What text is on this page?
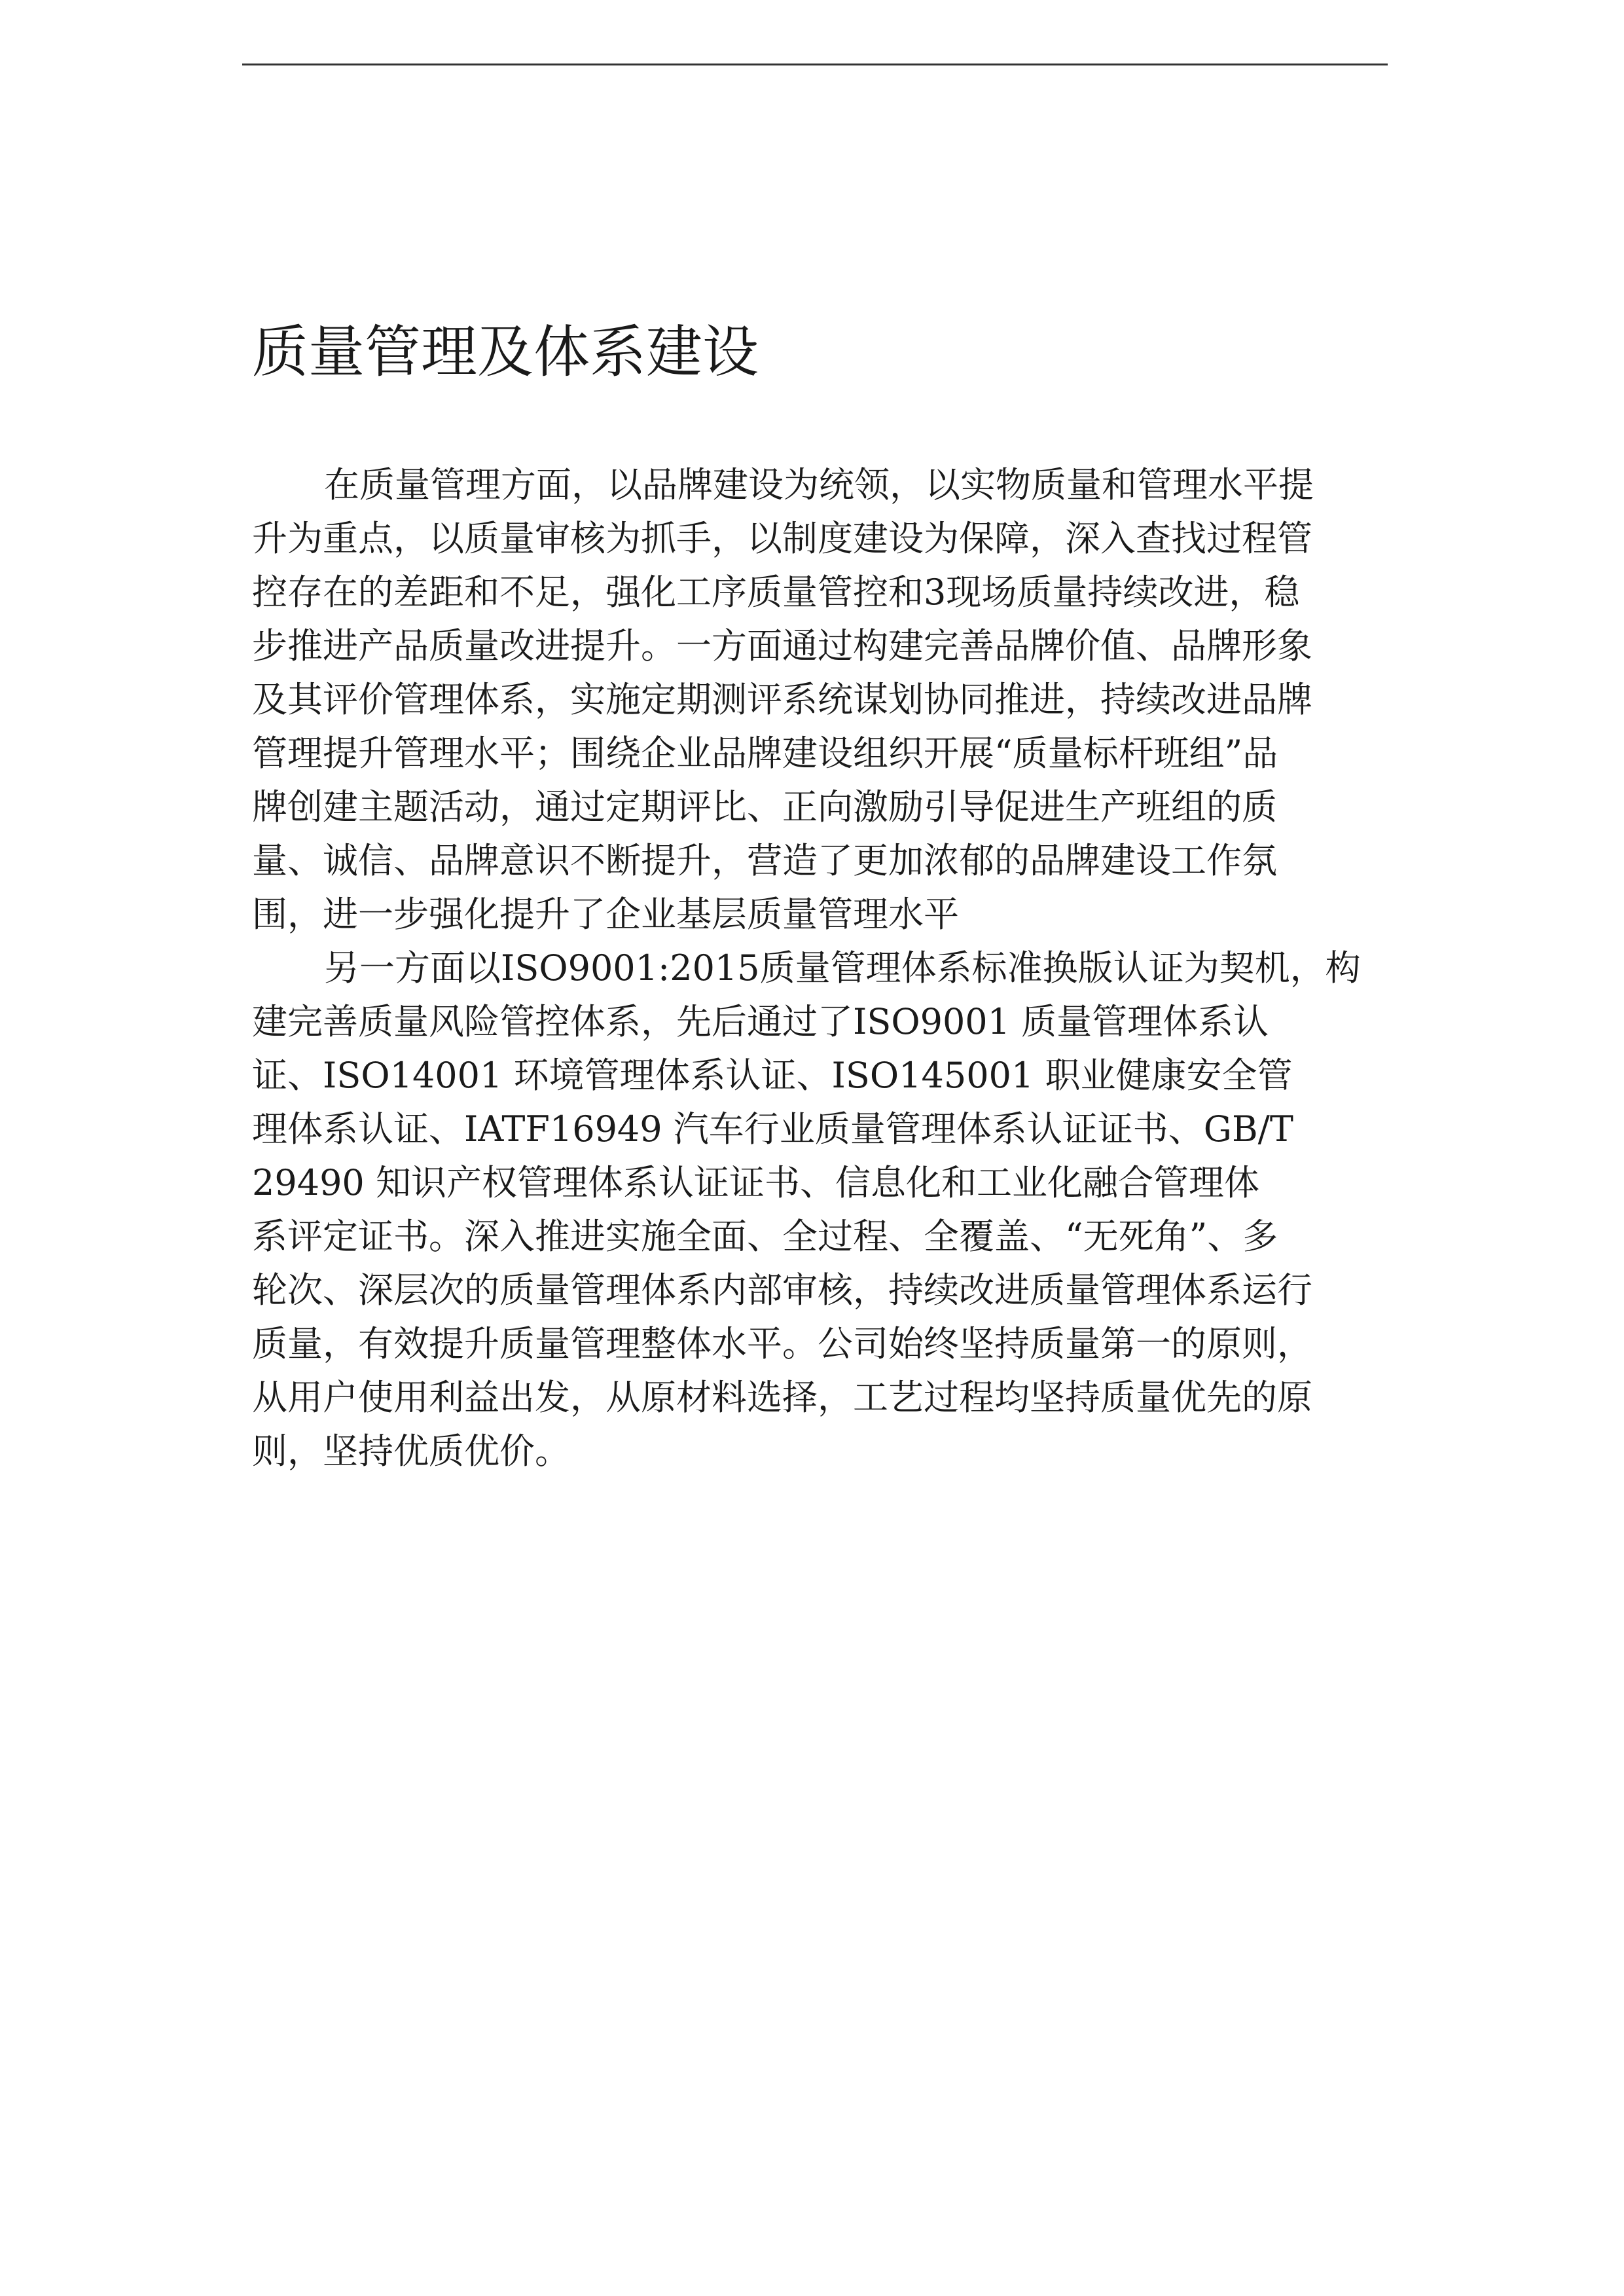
质量管理及体系建设
在质量管理方面，以品牌建设为统领，以实物质量和管理水平提
升为重点，以质量审核为抓手，以制度建设为保障，深入查找过程管
控存在的差距和不足，强化工序质量管控和3现场质量持续改进，稳
步推进产品质量改进提升。一方面通过构建完善品牌价值、品牌形象
及其评价管理体系，实施定期测评系统谋划协同推进，持续改进品牌
管理提升管理水平；围绕企业品牌建设组织开展“质量标杆班组”品
牌创建主题活动，通过定期评比、正向激励引导促进生产班组的质
量、诚信、品牌意识不断提升，营造了更加浓郁的品牌建设工作氛
围，进一步强化提升了企业基层质量管理水平
另一方面以ISO9001:2015质量管理体系标准换版认证为契机，构
建完善质量风险管控体系，先后通过了ISO9001 质量管理体系认
证、ISO14001 环境管理体系认证、ISO145001 职业健康安全管
理体系认证、IATF16949 汽车行业质量管理体系认证证书、GB/T
29490 知识产权管理体系认证证书、信息化和工业化融合管理体
系评定证书。深入推进实施全面、全过程、全覆盖、“无死角”、多
轮次、深层次的质量管理体系内部审核，持续改进质量管理体系运行
质量，有效提升质量管理整体水平。公司始终坚持质量第一的原则，
从用户使用利益出发，从原材料选择，工艺过程均坚持质量优先的原
则，坚持优质优价。
